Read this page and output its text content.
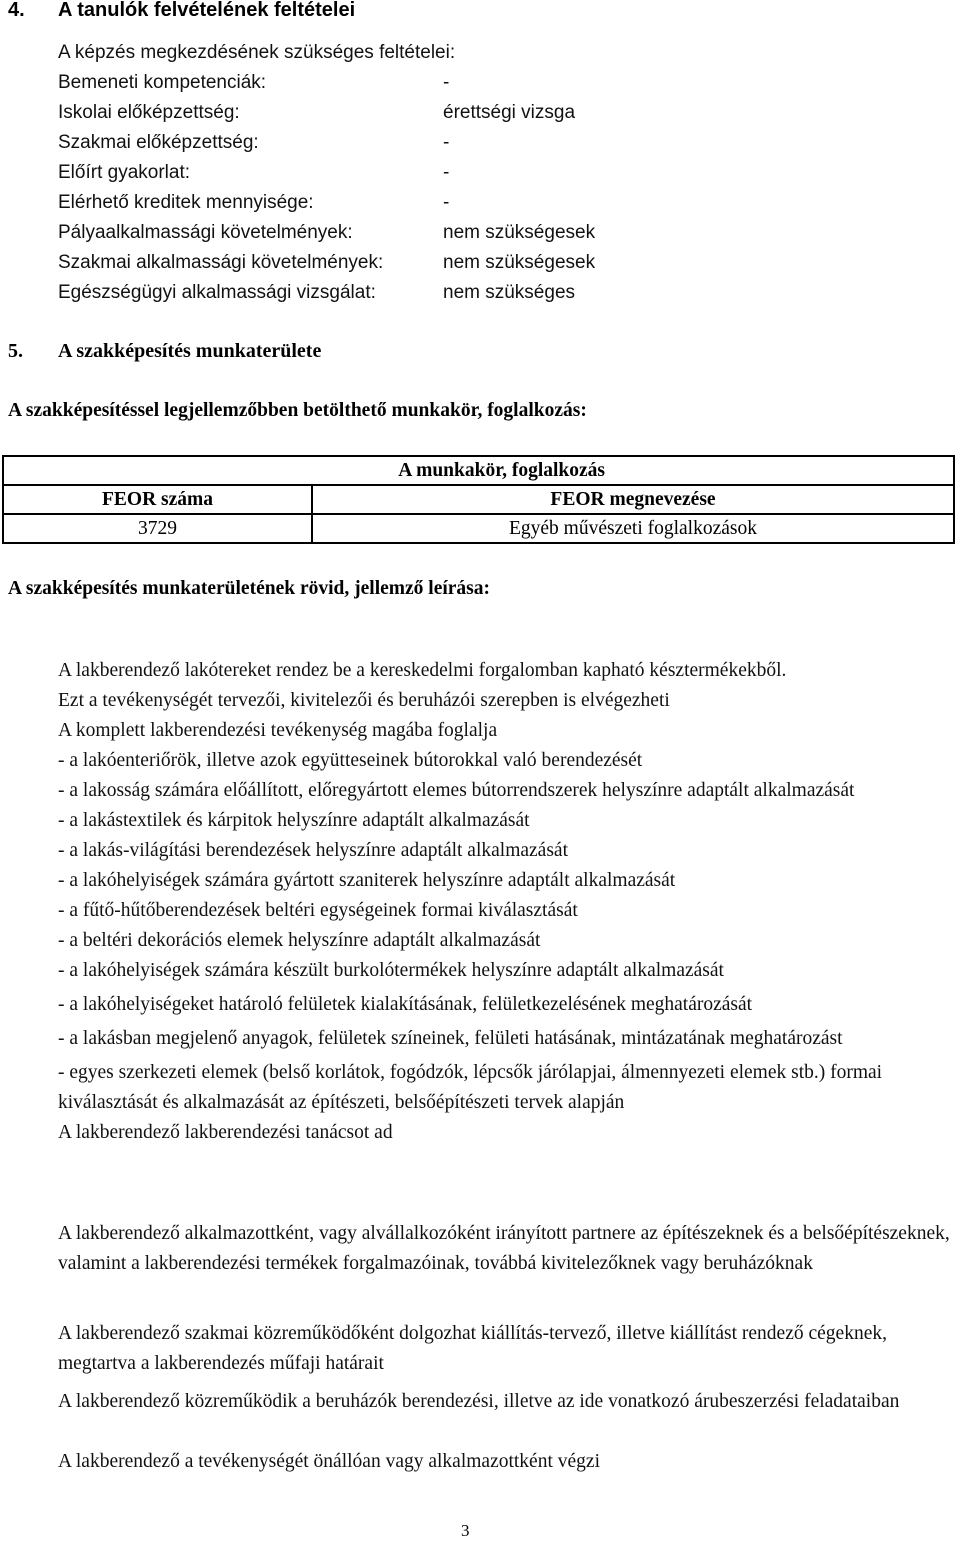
4. A tanulók felvételének feltételei
A képzés megkezdésének szükséges feltételei:
Bemeneti kompetenciák:	-
Iskolai előképzettség:	érettségi vizsga
Szakmai előképzettség:	-
Előírt gyakorlat:	-
Elérhető kreditek mennyisége:	-
Pályaalkalmassági követelmények:	nem szükségesek
Szakmai alkalmassági követelmények:	nem szükségesek
Egészségügyi alkalmassági vizsgálat:	nem szükséges
5. A szakképesítés munkaterülete
A szakképesítéssel legjellemzőbben betölthető munkakör, foglalkozás:
A munkakör, foglalkozás	
FEOR száma	FEOR megnevezése
3729	Egyéb művészeti foglalkozások
A szakképesítés munkaterületének rövid, jellemző leírása:

A lakberendező lakótereket rendez be a kereskedelmi forgalomban kapható késztermékekből.

Ezt a tevékenységét tervezői, kivitelezői és beruházói szerepben is elvégezheti

A komplett lakberendezési tevékenység magába foglalja

- a lakóenteriőrök, illetve azok együtteseinek bútorokkal való berendezését

- a lakosság számára előállított, előregyártott elemes bútorrendszerek helyszínre adaptált alkalmazását

- a lakástextilek és kárpitok helyszínre adaptált alkalmazását

- a lakás-világítási berendezések helyszínre adaptált alkalmazását

- a lakóhelyiségek számára gyártott szaniterek helyszínre adaptált alkalmazását

- a fűtő-hűtőberendezések beltéri egységeinek formai kiválasztását

- a beltéri dekorációs elemek helyszínre adaptált alkalmazását

- a lakóhelyiségek számára készült burkolótermékek helyszínre adaptált alkalmazását

- a lakóhelyiségeket határoló felületek kialakításának, felületkezelésének meghatározását

- a lakásban megjelenő anyagok, felületek színeinek, felületi hatásának, mintázatának meghatározást

- egyes szerkezeti elemek (belső korlátok, fogódzók, lépcsők járólapjai, álmennyezeti elemek stb.) formai kiválasztását és alkalmazását az építészeti, belsőépítészeti tervek alapján

A lakberendező lakberendezési tanácsot ad

A lakberendező alkalmazottként, vagy alvállalkozóként irányított partnere az építészeknek és a belsőépítészeknek, valamint a lakberendezési termékek forgalmazóinak, továbbá kivitelezőknek vagy beruházóknak

A lakberendező szakmai közreműködőként dolgozhat kiállítás-tervező, illetve kiállítást rendező cégeknek, megtartva a lakberendezés műfaji határait

A lakberendező közreműködik a beruházók berendezési, illetve az ide vonatkozó árubeszerzési feladataiban

A lakberendező a tevékenységét önállóan vagy alkalmazottként végzi

3
